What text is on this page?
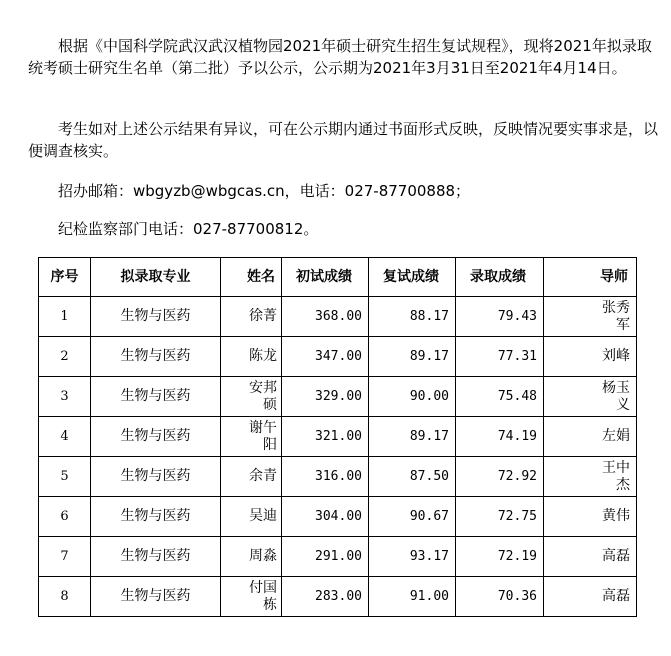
根据《中国科学院武汉武汉植物园2021年硕士研究生招生复试规程》，现将2021年拟录取统考硕士研究生名单（第二批）予以公示，公示期为2021年3月31日至2021年4月14日。

考生如对上述公示结果有异议，可在公示期内通过书面形式反映，反映情况要实事求是，以便调查核实。

招办邮箱：wbgyzb@wbgcas.cn，电话：027-87700888；

纪检监察部门电话：027-87700812。

序号	拟录取专业	姓名	初试成绩	复试成绩	录取成绩	导师

1	生物与医药	徐菁	368.00	88.17	79.43	张秀军

2	生物与医药	陈龙	347.00	89.17	77.31	刘峰

3	生物与医药	安邦硕	329.00	90.00	75.48	杨玉义

4	生物与医药	谢午阳	321.00	89.17	74.19	左娟

5	生物与医药	余青	316.00	87.50	72.92	王中杰

6	生物与医药	吴迪	304.00	90.67	72.75	黄伟

7	生物与医药	周淼	291.00	93.17	72.19	高磊

8	生物与医药	付国栋	283.00	91.00	70.36	高磊
